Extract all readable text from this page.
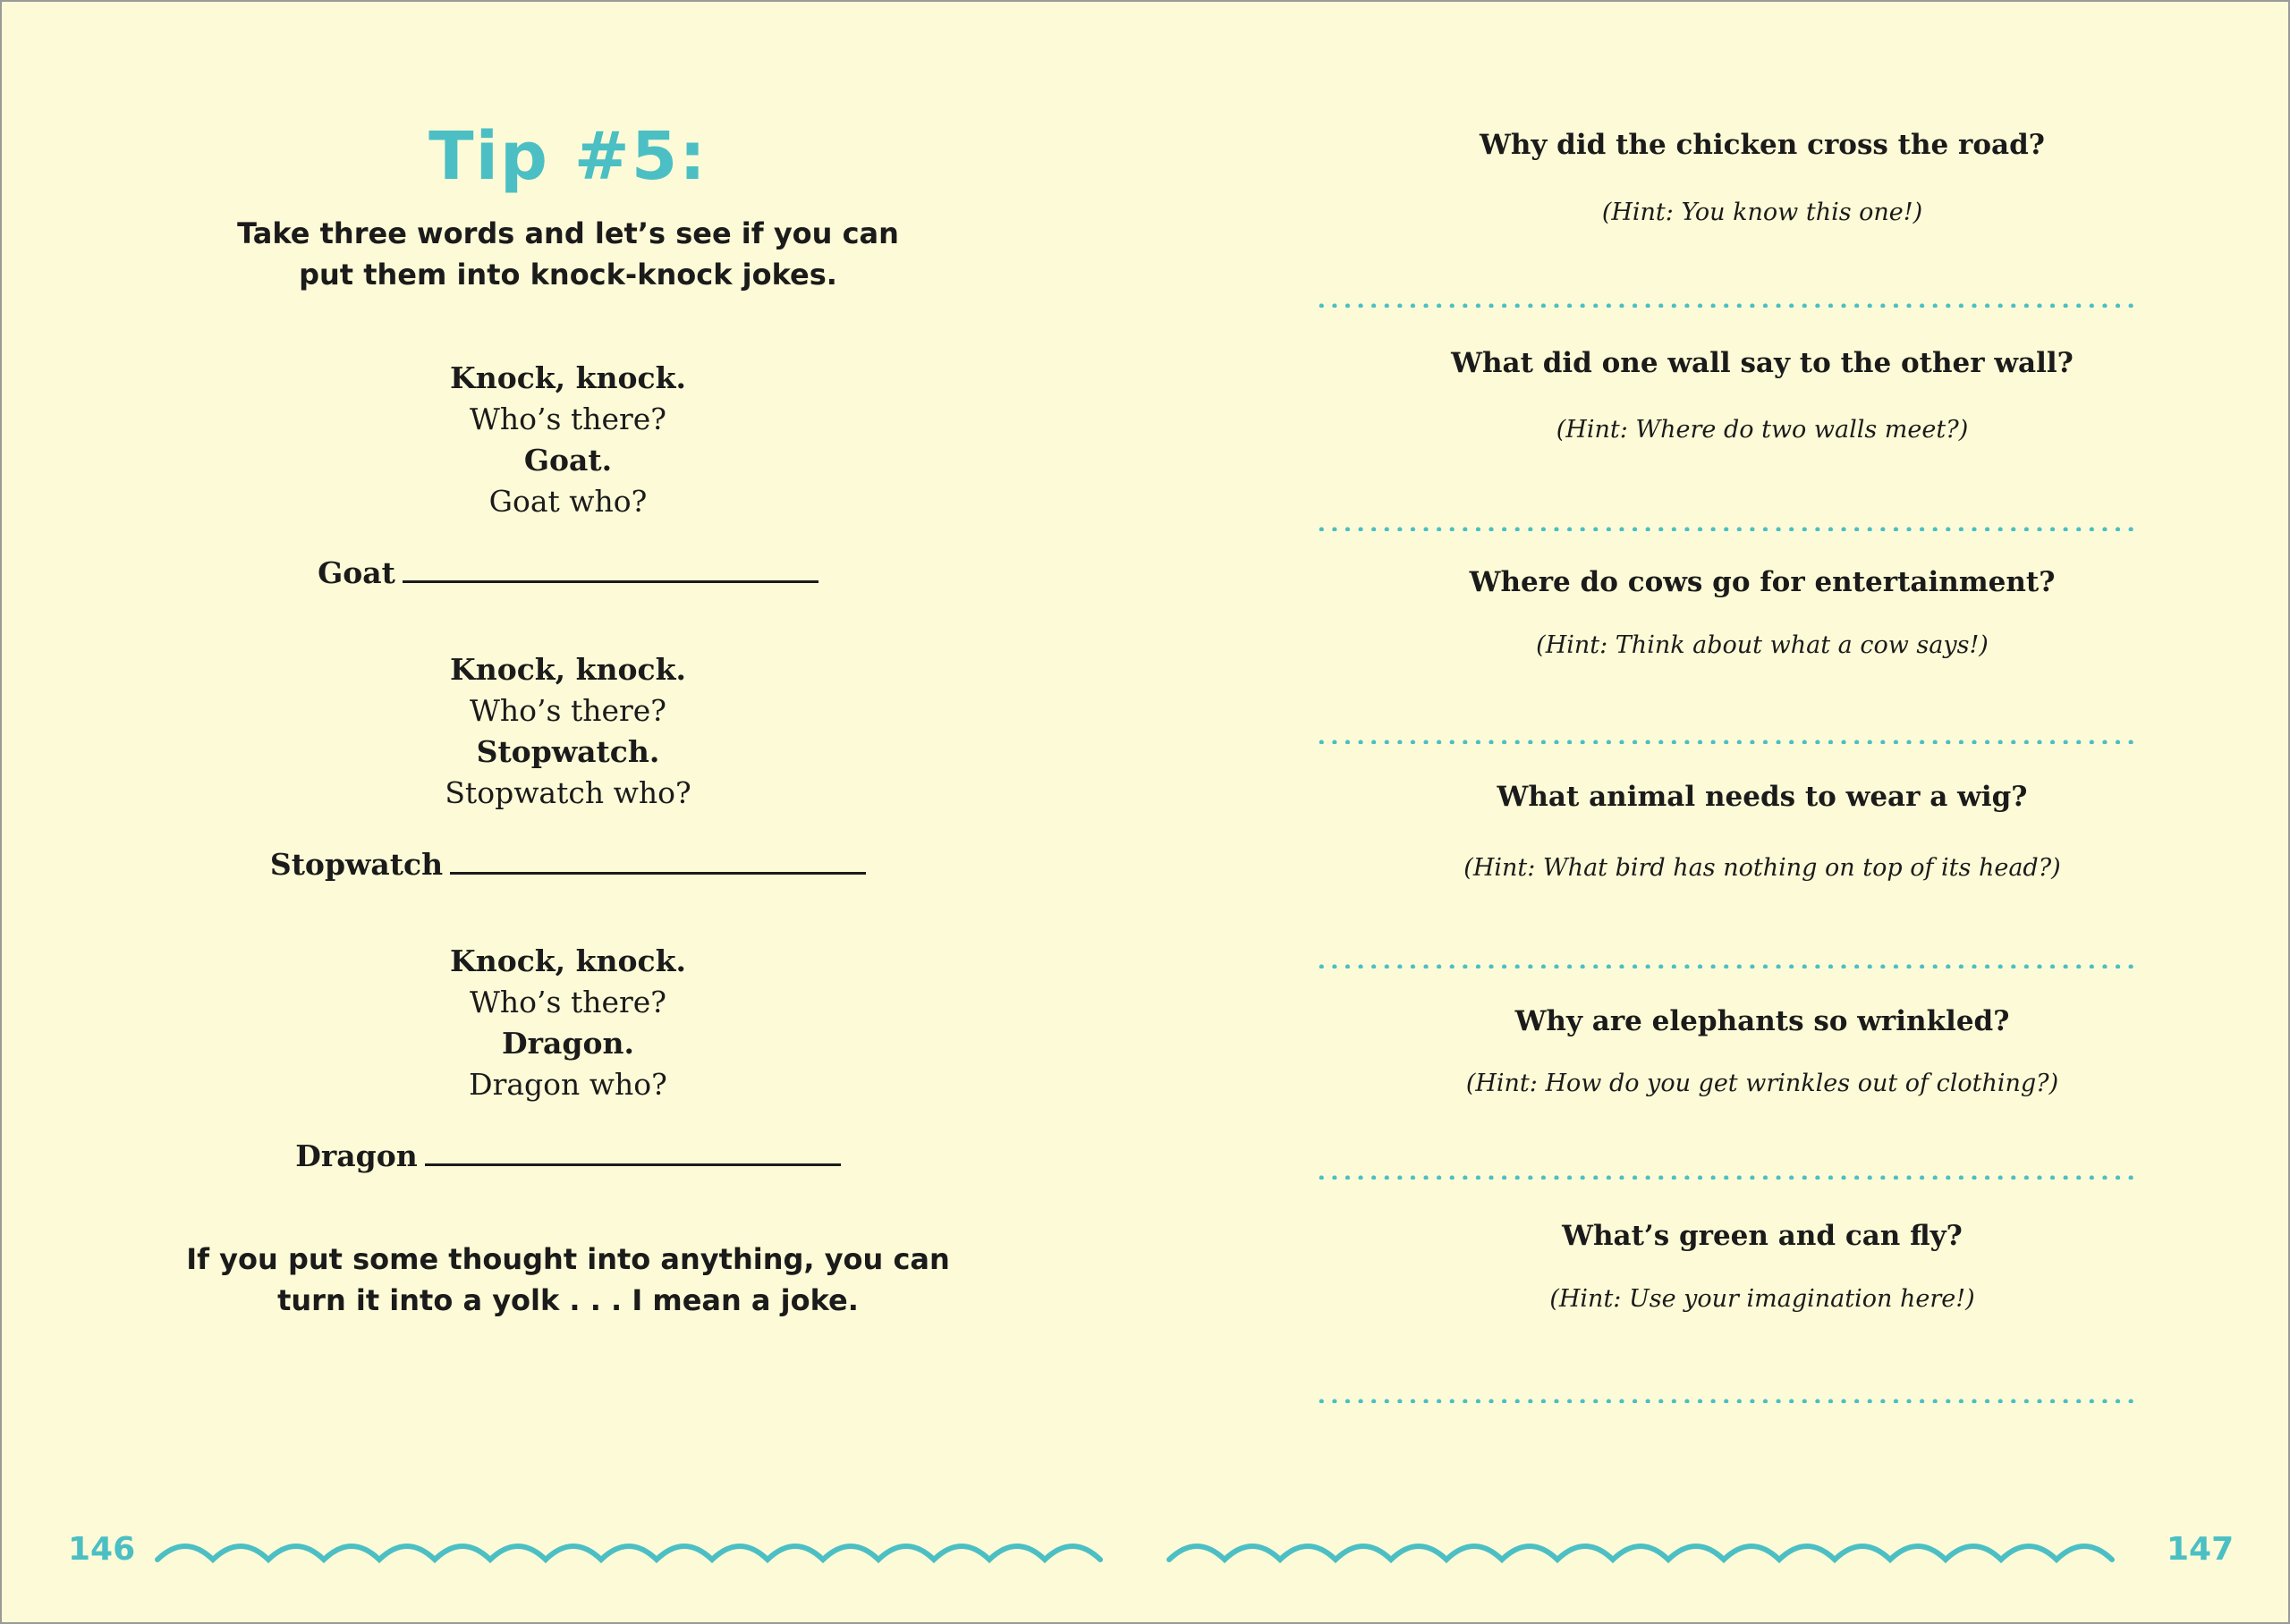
Tip #5:
Take three words and let’s see if you can
put them into knock-knock jokes.
Knock, knock.
Who’s there?
Goat.
Goat who?
Goat
Knock, knock.
Who’s there?
Stopwatch.
Stopwatch who?
Stopwatch
Knock, knock.
Who’s there?
Dragon.
Dragon who?
Dragon
If you put some thought into anything, you can
turn it into a yolk . . . I mean a joke.
Why did the chicken cross the road?
(Hint: You know this one!)
What did one wall say to the other wall?
(Hint: Where do two walls meet?)
Where do cows go for entertainment?
(Hint: Think about what a cow says!)
What animal needs to wear a wig?
(Hint: What bird has nothing on top of its head?)
Why are elephants so wrinkled?
(Hint: How do you get wrinkles out of clothing?)
What’s green and can fly?
(Hint: Use your imagination here!)
146	147
